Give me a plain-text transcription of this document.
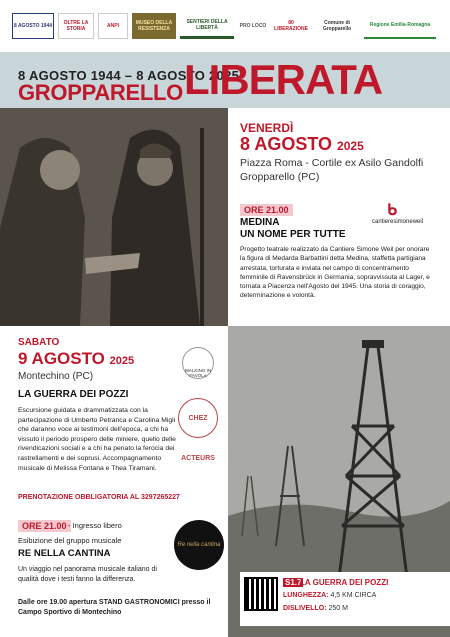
8 AGOSTO 1944	OLTRE LA STORIA	ANPI	MUSEO DELLA RESISTENZA
SENTIERI DELLA LIBERTÀ	PRO LOCO	80 LIBERAZIONE
Comune di Gropparello
Regione Emilia-Romagna
8 AGOSTO 1944 – 8 AGOSTO 2025
GROPPARELLO LIBERATA
VENERDÌ
8 AGOSTO 2025
Piazza Roma - Cortile ex Asilo Gandolfi
Gropparello (PC)
ORE 21.00
MEDINA
UN NOME PER TUTTE
ᑲ
cantieresimoneweil
Progetto teatrale realizzato da Cantiere Simone Weil per onorare la figura di Medarda Barbattini detta Medina, staffetta partigiana arrestata, torturata e inviata nel campo di concentramento femminile di Ravensbrück in Germania, sopravvissuta al Lager, e tornata a Piacenza nell'Agosto del 1945. Una storia di coraggio, determinazione e volontà.
SABATO
9 AGOSTO 2025
Montechino (PC)
LA GUERRA DEI POZZI
Escursione guidata e drammatizzata con la partecipazione di Umberto Petranca e Carolina Migli che daranno voce ai testimoni dell'epoca, a chi ha vissuto il periodo prospero delle miniere, quello delle rivendicazioni sociali e a chi ha penato la ferocia dei rastrellamenti e dei soprusi. Accompagnamento musicale di Melissa Fontana e Thea Tiramani.
PRENOTAZIONE OBBLIGATORIA AL 3297265227
WALKING IN FAVOLA
CHEZ ACTEURS
ORE 21.00 - Ingresso libero
Esibizione del gruppo musicale
RE NELLA CANTINA
Un viaggio nel panorama musicale italiano di qualità dove i testi fanno la differenza.
Dalle ore 19.00 apertura STAND GASTRONOMICI presso il Campo Sportivo di Montechino
Re nella cantina
S1.7
LA GUERRA DEI POZZI
LUNGHEZZA: 4,5 KM CIRCA
DISLIVELLO: 250 M
